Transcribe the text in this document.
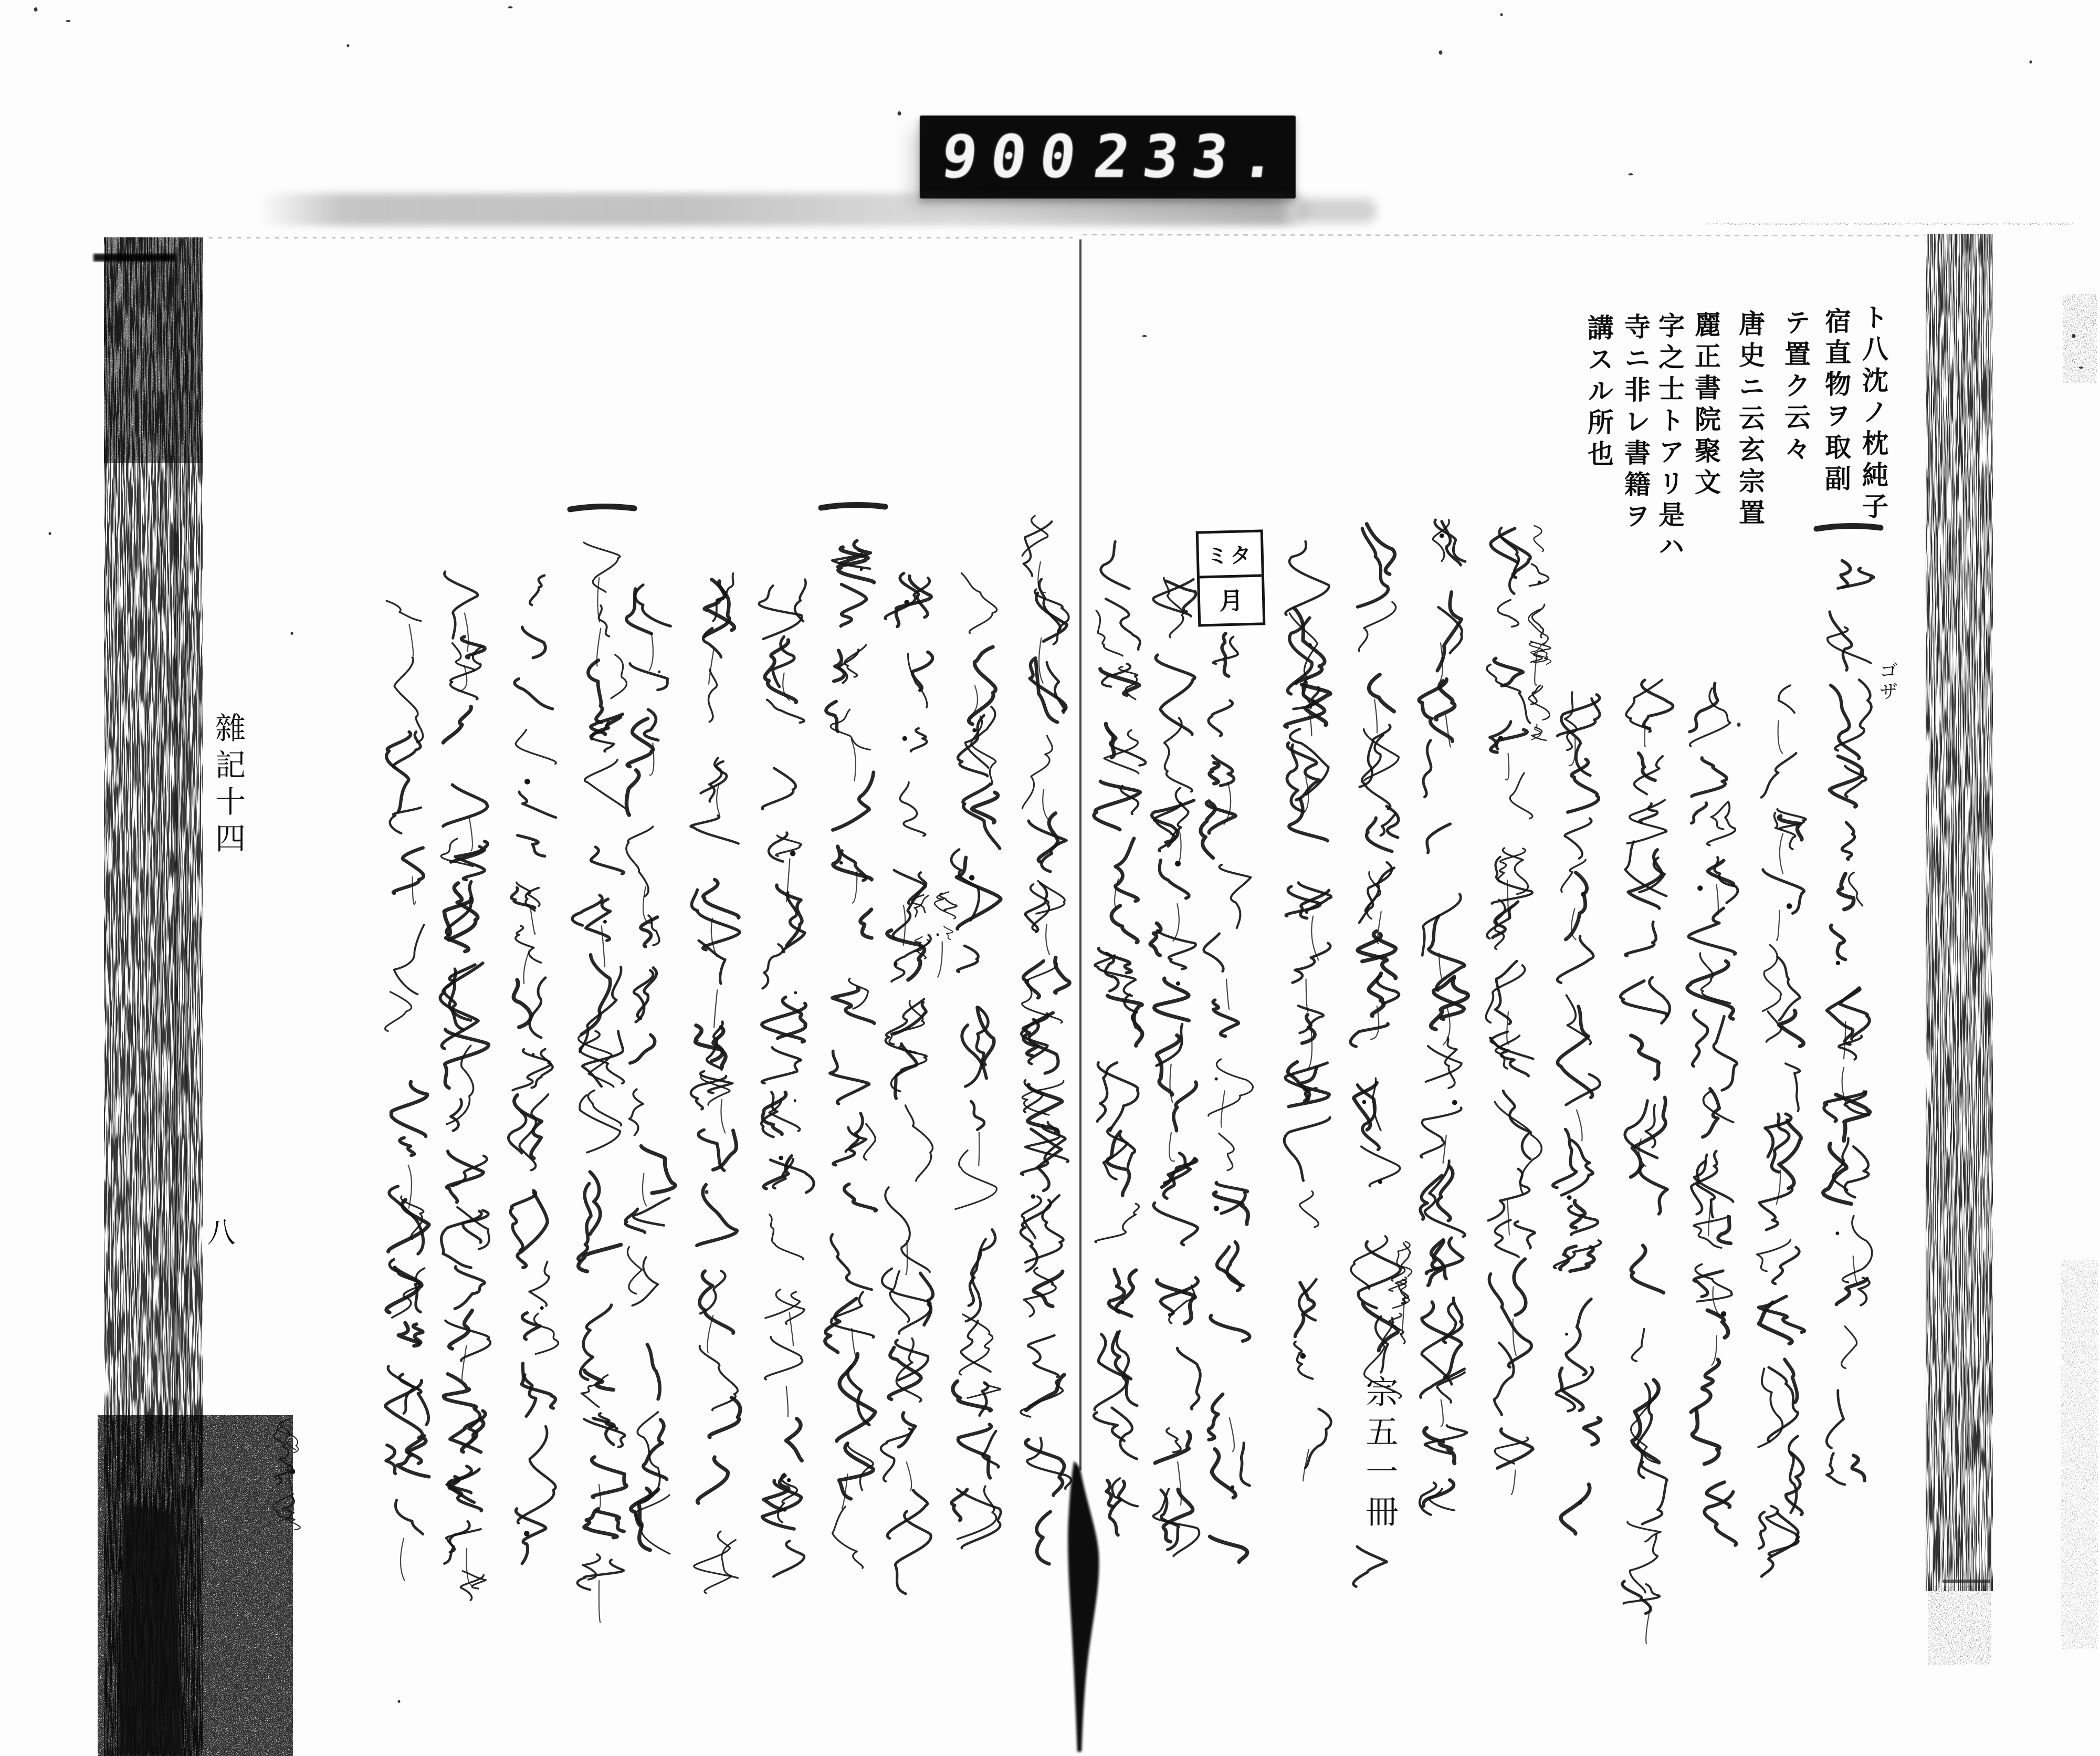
900
233.
ト八沈ノ枕純子
宿直物ヲ取副
テ置ク云々
唐史ニ云玄宗置
麗正書院聚文
字之士トアリ是ハ
寺ニ非レ書籍ヲ
講スル所也
ゴザ
ミタ
月
宗五一冊
雜記十四
八
